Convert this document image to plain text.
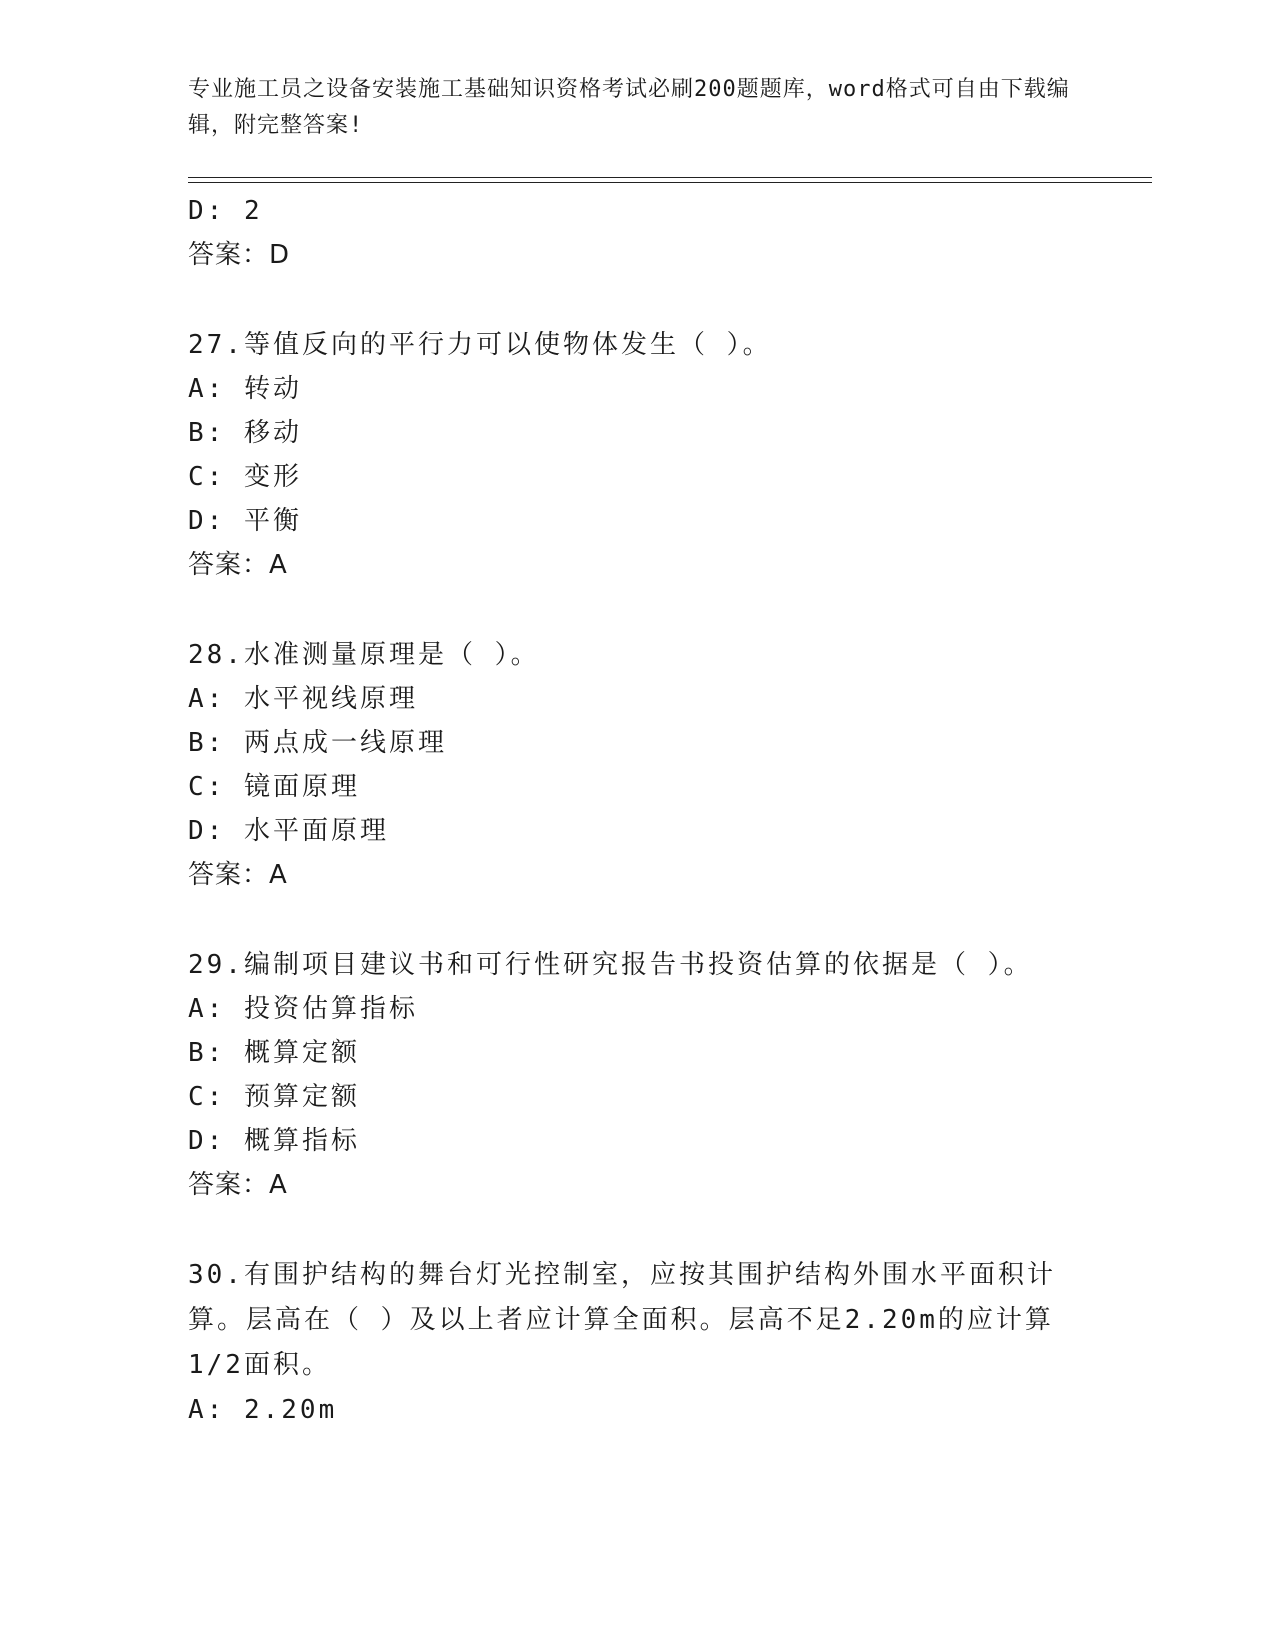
专业施工员之设备安装施工基础知识资格考试必刷200题题库，word格式可自由下载编辑，附完整答案!
D: 2
答案：D
27.等值反向的平行力可以使物体发生（ ）。
A: 转动
B: 移动
C: 变形
D: 平衡
答案：A
28.水准测量原理是（ ）。
A: 水平视线原理
B: 两点成一线原理
C: 镜面原理
D: 水平面原理
答案：A
29.编制项目建议书和可行性研究报告书投资估算的依据是（ ）。
A: 投资估算指标
B: 概算定额
C: 预算定额
D: 概算指标
答案：A
30.有围护结构的舞台灯光控制室，应按其围护结构外围水平面积计算。层高在（ ）及以上者应计算全面积。层高不足2.20m的应计算1/2面积。
A: 2.20m
